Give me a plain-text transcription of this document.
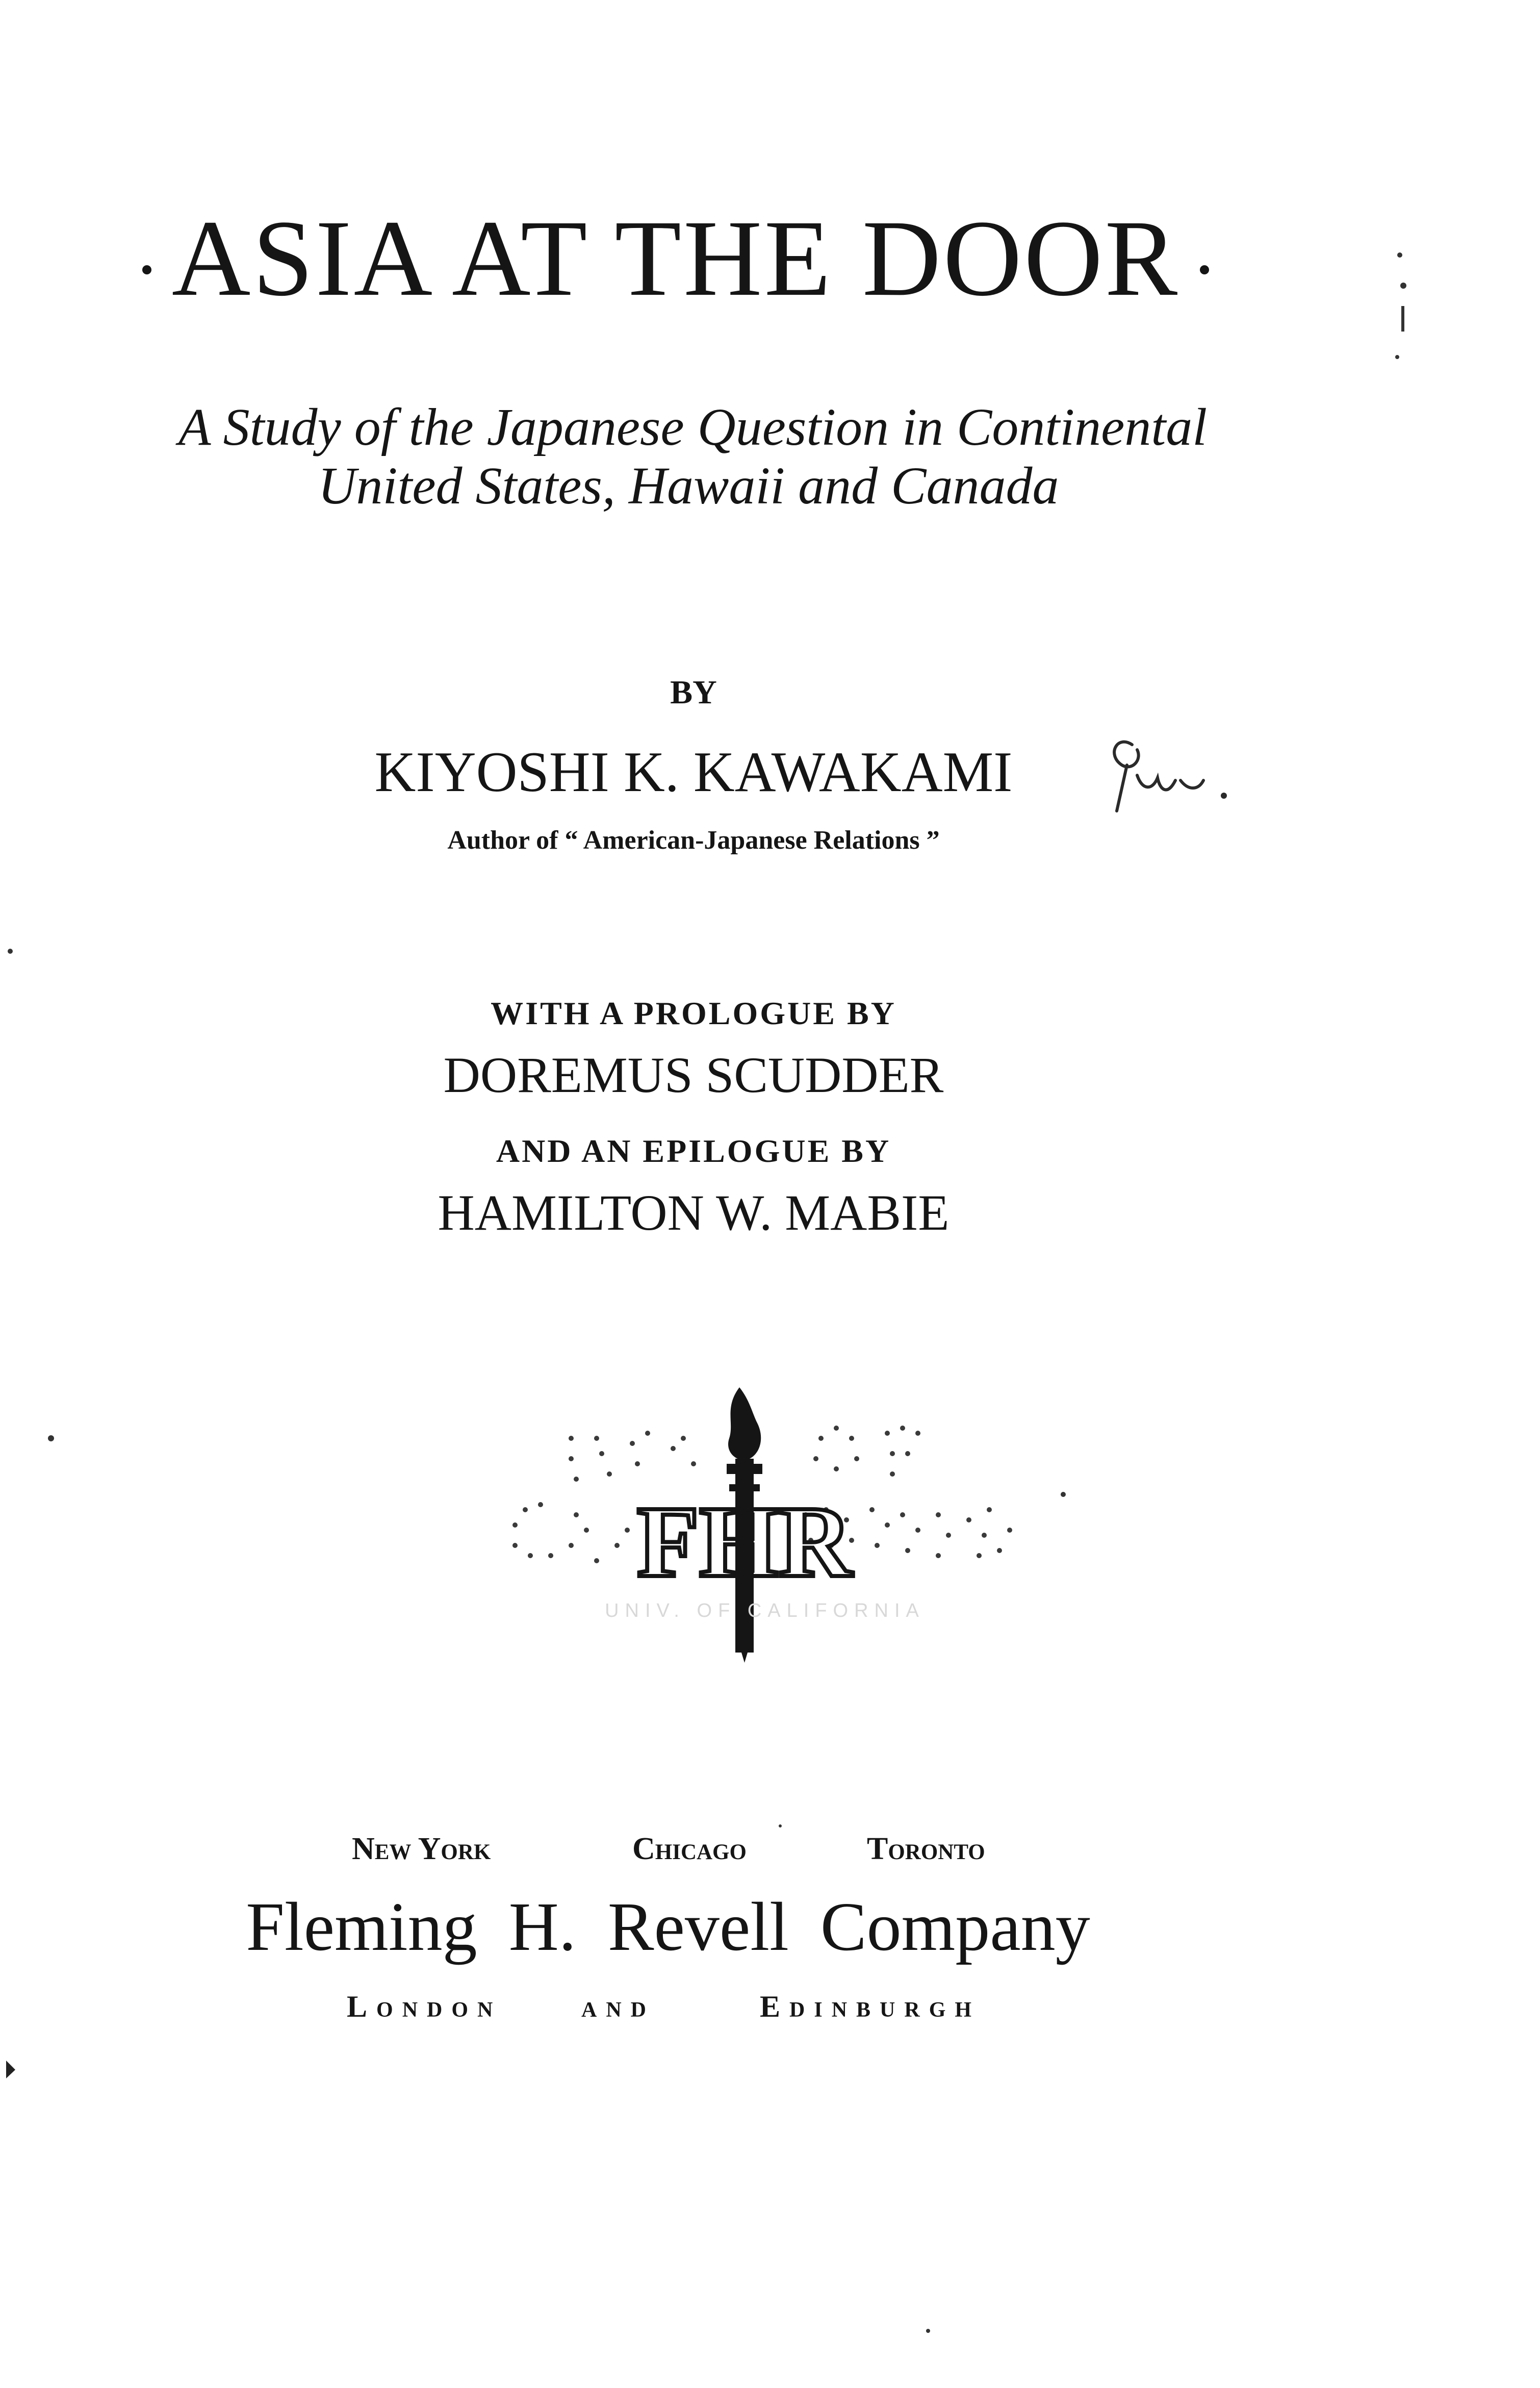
ASIA AT THE DOOR
A Study of the Japanese Question in Continental
United States, Hawaii and Canada
BY
KIYOSHI K. KAWAKAMI
Author of “ American-Japanese Relations ”
WITH A PROLOGUE BY
DOREMUS SCUDDER
AND AN EPILOGUE BY
HAMILTON W. MABIE
FHR
UNIV. OF CALIFORNIA
New York	Chicago	Toronto
Fleming H. Revell Company
London	and	Edinburgh
